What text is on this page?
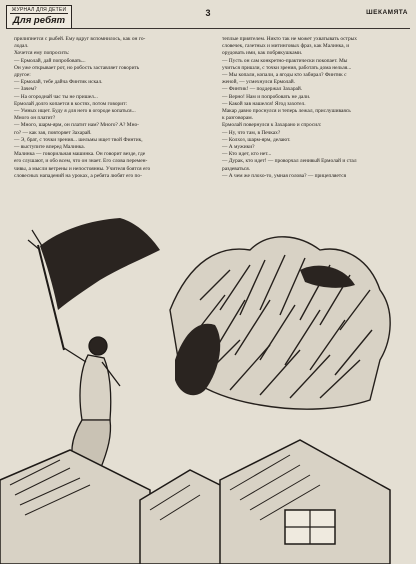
ЖУРНАЛ ДЛЯ ДЕТЕЙ
Для ребят
3	ШЕКАМЯТА

прилипнется с рыбей. Ему вдруг вспомнилось, как он го-

лодал.

Хочется ему попросить:

— Ермолай, дай попробовать...

Он уже открывает рот, но робость заставляет говорить

другое:

— Ермолай, тебе дайча Финтик искал.

— Зачем?

— На огороднай час ты не пришел...

Ермолай долго копается в костях, потом говорит:

— Умных ищет. Буду я для него в огороде копаться...

Много он платит?

— Много, шарм-ярм, он платит нам? Много? А? Мно-

го? — как зая, повторяет Захарай.

— Э, брат, с точки зрения... шельмы ищет твой Финтик,

— выступите вперед Малинка.

Малинка — говорильная машинка. Он говорит везде, где

его слушают, и обо всем, что он знает. Его слова перемен-

чивы, а мысли ветрены и непостоянны. Учителя боятся его

словесных нападений на уроках, а ребята любят его по-

теплые приятелем. Никто так не может ухватывать острых

словечек, газетных и митинговых фраз, как Малинка, и

орудовать ими, как побрякушками.

— Пусть он сам конкретно-практически покопает. Мы

учиться пришли, с точки зрения, работать дома нельзя...

— Мы копали, копали, а ягоды кто забирал? Финтик с

женой, — усмехнулся Ермолай.

— Финтик! — поддержал Захарай.

— Верно! Нам и попробовать не дали.

— Какой зав нашелся! Ягод захотел.

Макар давно проснулся и теперь лежал, прислушиваясь

к разговорам.

Ермолай повернулся к Захарано и спросил:

— Ну, что там, в Печках?

— Колхоз, шарм-ярм, делают.

— А мужики?

— Кто идет, кто нет...

— Дурак, кто идет! — проворчал ленивый Ермолай и стал

раздеваться.

— А чем же плохо-то, умная голова? — прицепляется
